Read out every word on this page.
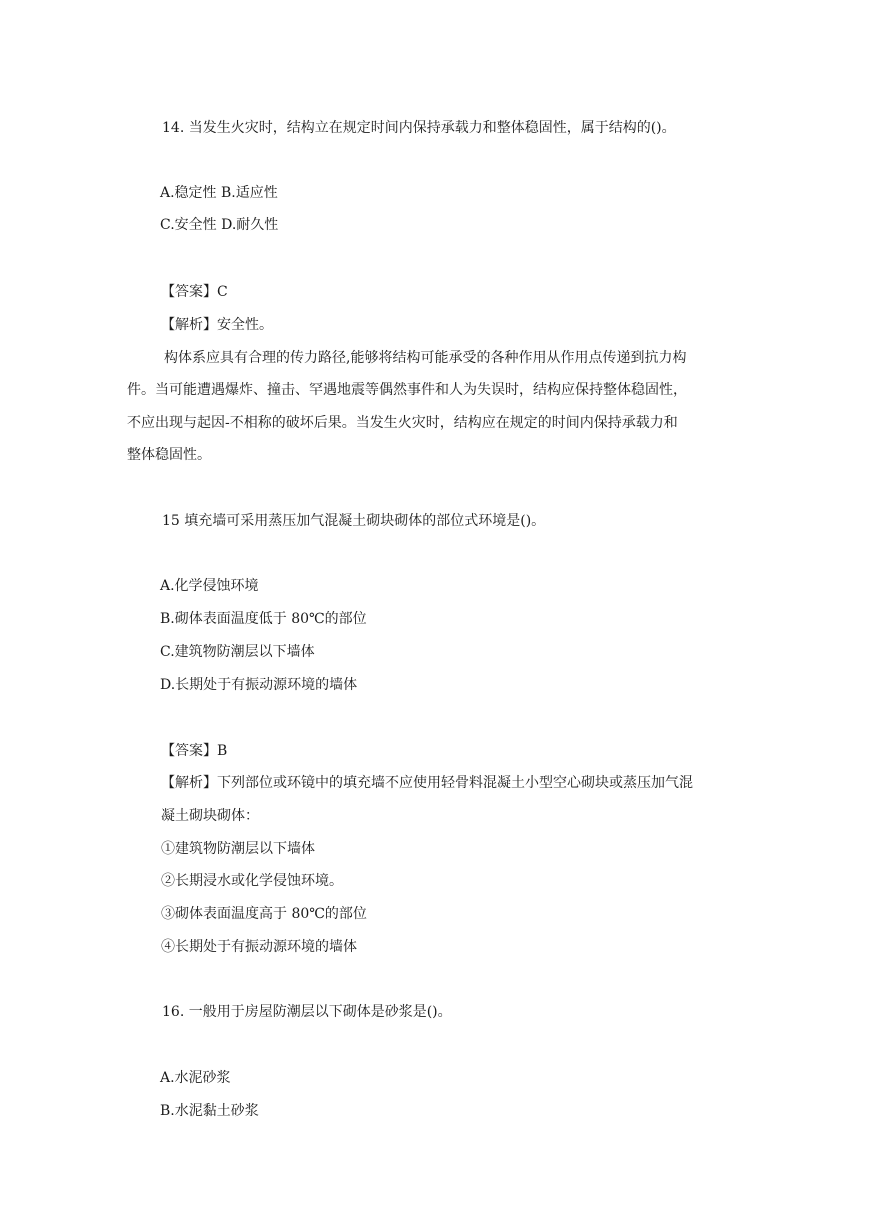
14. 当发生火灾时，结构立在规定时间内保持承载力和整体稳固性，属于结构的()。
A.稳定性 B.适应性
C.安全性 D.耐久性
【答案】C
【解析】安全性。
构体系应具有合理的传力路径,能够将结构可能承受的各种作用从作用点传递到抗力构
件。当可能遭遇爆炸、撞击、罕遇地震等偶然事件和人为失误时，结构应保持整体稳固性，
不应出现与起因-不相称的破坏后果。当发生火灾时，结构应在规定的时间内保持承载力和
整体稳固性。
15 填充墙可采用蒸压加气混凝土砌块砌体的部位式环境是()。
A.化学侵蚀环境
B.砌体表面温度低于 80℃的部位
C.建筑物防潮层以下墙体
D.长期处于有振动源环境的墙体
【答案】B
【解析】下列部位或环镜中的填充墙不应使用轻骨料混凝土小型空心砌块或蒸压加气混
凝土砌块砌体：
①建筑物防潮层以下墙体
②长期浸水或化学侵蚀环境。
③砌体表面温度高于 80℃的部位
④长期处于有振动源环境的墙体
16. 一般用于房屋防潮层以下砌体是砂浆是()。
A.水泥砂浆
B.水泥黏土砂浆
